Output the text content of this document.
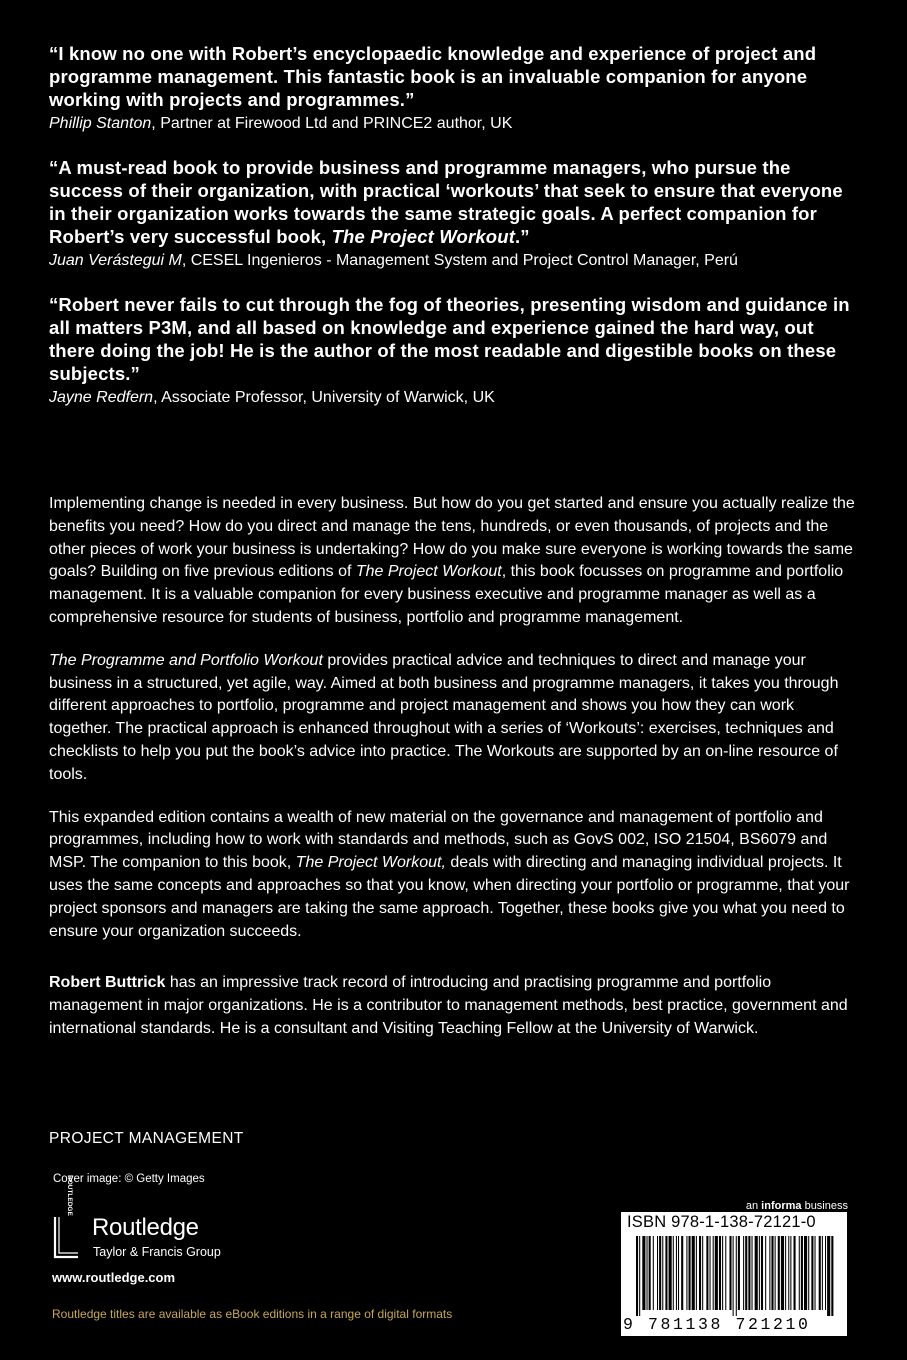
“I know no one with Robert’s encyclopaedic knowledge and experience of project and programme management. This fantastic book is an invaluable companion for anyone working with projects and programmes.”
Phillip Stanton, Partner at Firewood Ltd and PRINCE2 author, UK
“A must-read book to provide business and programme managers, who pursue the success of their organization, with practical ‘workouts’ that seek to ensure that everyone in their organization works towards the same strategic goals. A perfect companion for Robert’s very successful book, The Project Workout.”
Juan Verástegui M, CESEL Ingenieros - Management System and Project Control Manager, Perú
“Robert never fails to cut through the fog of theories, presenting wisdom and guidance in all matters P3M, and all based on knowledge and experience gained the hard way, out there doing the job! He is the author of the most readable and digestible books on these subjects.”
Jayne Redfern, Associate Professor, University of Warwick, UK

Implementing change is needed in every business. But how do you get started and ensure you actually realize the benefits you need? How do you direct and manage the tens, hundreds, or even thousands, of projects and the other pieces of work your business is undertaking? How do you make sure everyone is working towards the same goals? Building on five previous editions of The Project Workout, this book focusses on programme and portfolio management. It is a valuable companion for every business executive and programme manager as well as a comprehensive resource for students of business, portfolio and programme management.

The Programme and Portfolio Workout provides practical advice and techniques to direct and manage your business in a structured, yet agile, way. Aimed at both business and programme managers, it takes you through different approaches to portfolio, programme and project management and shows you how they can work together. The practical approach is enhanced throughout with a series of ‘Workouts’: exercises, techniques and checklists to help you put the book’s advice into practice. The Workouts are supported by an on-line resource of tools.

This expanded edition contains a wealth of new material on the governance and management of portfolio and programmes, including how to work with standards and methods, such as GovS 002, ISO 21504, BS6079 and MSP. The companion to this book, The Project Workout, deals with directing and managing individual projects. It uses the same concepts and approaches so that you know, when directing your portfolio or programme, that your project sponsors and managers are taking the same approach. Together, these books give you what you need to ensure your organization succeeds.

Robert Buttrick has an impressive track record of introducing and practising programme and portfolio management in major organizations. He is a contributor to management methods, best practice, government and international standards. He is a consultant and Visiting Teaching Fellow at the University of Warwick.

PROJECT MANAGEMENT
Cover image: © Getty Images
ROUTLEDGE
Routledge
Taylor & Francis Group
www.routledge.com
Routledge titles are available as eBook editions in a range of digital formats
an informa business
ISBN 978-1-138-72121-0
9 781138 721210
